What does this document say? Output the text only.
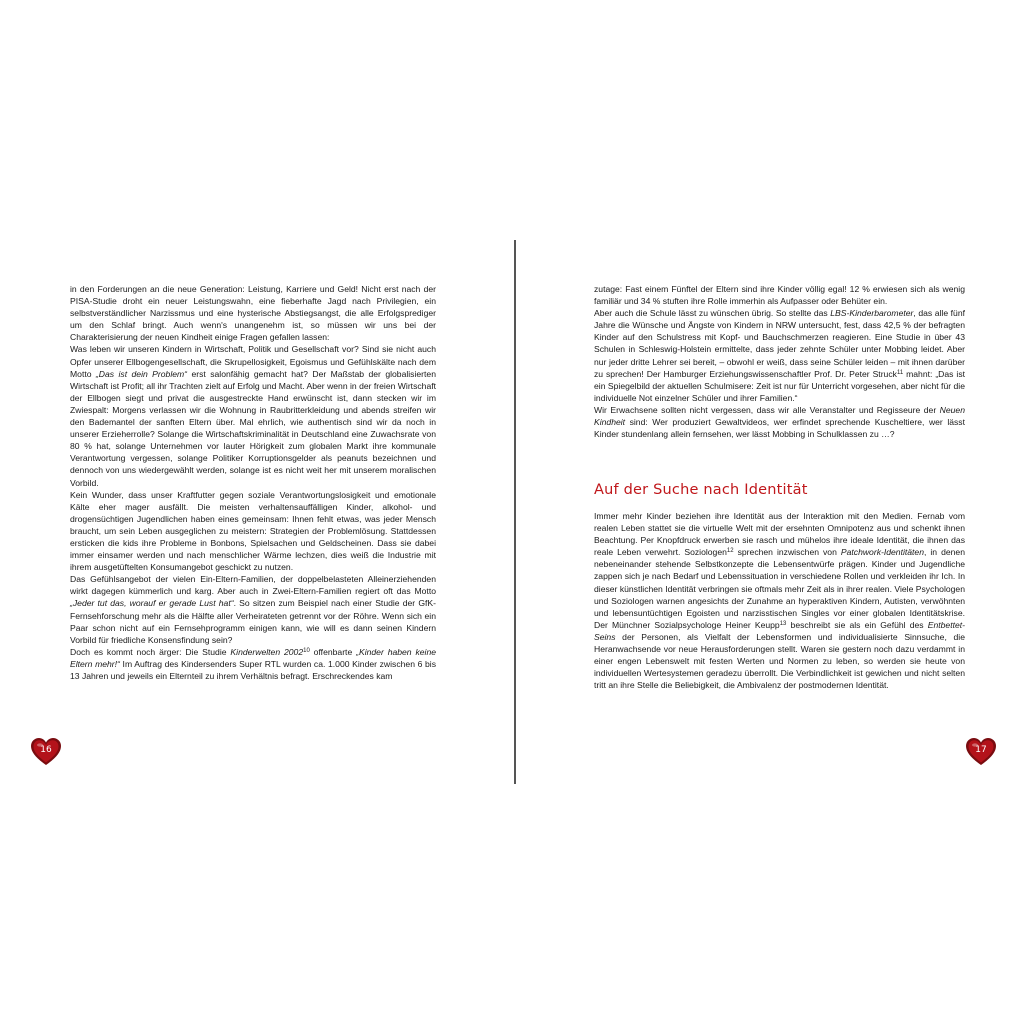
in den Forderungen an die neue Generation: Leistung, Karriere und Geld! Nicht erst nach der PISA-Studie droht ein neuer Leistungswahn, eine fieberhafte Jagd nach Privilegien, ein selbstverständlicher Narzissmus und eine hysterische Abstiegsangst, die alle Erfolgsprediger um den Schlaf bringt. Auch wenn's unangenehm ist, so müssen wir uns bei der Charakterisierung der neuen Kindheit einige Fragen gefallen lassen:

Was leben wir unseren Kindern in Wirtschaft, Politik und Gesellschaft vor? Sind sie nicht auch Opfer unserer Ellbogengesellschaft, die Skrupellosigkeit, Egoismus und Gefühlskälte nach dem Motto „Das ist dein Problem“ erst salonfähig gemacht hat? Der Maßstab der globalisierten Wirtschaft ist Profit; all ihr Trachten zielt auf Erfolg und Macht. Aber wenn in der freien Wirtschaft der Ellbogen siegt und privat die ausgestreckte Hand erwünscht ist, dann stecken wir im Zwiespalt: Morgens verlassen wir die Wohnung in Raubritterkleidung und abends streifen wir den Bademantel der sanften Eltern über. Mal ehrlich, wie authentisch sind wir da noch in unserer Erzieherrolle? Solange die Wirtschaftskriminalität in Deutschland eine Zuwachsrate von 80 % hat, solange Unternehmen vor lauter Hörigkeit zum globalen Markt ihre kommunale Verantwortung vergessen, solange Politiker Korruptionsgelder als peanuts bezeichnen und dennoch von uns wiedergewählt werden, solange ist es nicht weit her mit unserem moralischen Vorbild.

Kein Wunder, dass unser Kraftfutter gegen soziale Verantwortungslosigkeit und emotionale Kälte eher mager ausfällt. Die meisten verhaltensauffälligen Kinder, alkohol- und drogensüchtigen Jugendlichen haben eines gemeinsam: Ihnen fehlt etwas, was jeder Mensch braucht, um sein Leben ausgeglichen zu meistern: Strategien der Problemlösung. Stattdessen ersticken die kids ihre Probleme in Bonbons, Spielsachen und Geldscheinen. Dass sie dabei immer einsamer werden und nach menschlicher Wärme lechzen, dies weiß die Industrie mit ihrem ausgetüftelten Konsumangebot geschickt zu nutzen.

Das Gefühlsangebot der vielen Ein-Eltern-Familien, der doppelbelasteten Alleinerziehenden wirkt dagegen kümmerlich und karg. Aber auch in Zwei-Eltern-Familien regiert oft das Motto „Jeder tut das, worauf er gerade Lust hat“. So sitzen zum Beispiel nach einer Studie der GfK-Fernsehforschung mehr als die Hälfte aller Verheirateten getrennt vor der Röhre. Wenn sich ein Paar schon nicht auf ein Fernsehprogramm einigen kann, wie will es dann seinen Kindern Vorbild für friedliche Konsensfindung sein?

Doch es kommt noch ärger: Die Studie Kinderwelten 2002$^{10}$ offenbarte „Kinder haben keine Eltern mehr!“ Im Auftrag des Kindersenders Super RTL wurden ca. 1.000 Kinder zwischen 6 bis 13 Jahren und jeweils ein Elternteil zu ihrem Verhältnis befragt. Erschreckendes kam

zutage: Fast einem Fünftel der Eltern sind ihre Kinder völlig egal! 12 % erwiesen sich als wenig familiär und 34 % stuften ihre Rolle immerhin als Aufpasser oder Behüter ein.

Aber auch die Schule lässt zu wünschen übrig. So stellte das LBS-Kinderbarometer, das alle fünf Jahre die Wünsche und Ängste von Kindern in NRW untersucht, fest, dass 42,5 % der befragten Kinder auf den Schulstress mit Kopf- und Bauchschmerzen reagieren. Eine Studie in über 43 Schulen in Schleswig-Holstein ermittelte, dass jeder zehnte Schüler unter Mobbing leidet. Aber nur jeder dritte Lehrer sei bereit, – obwohl er weiß, dass seine Schüler leiden – mit ihnen darüber zu sprechen! Der Hamburger Erziehungswissenschaftler Prof. Dr. Peter Struck$^{11}$ mahnt: „Das ist ein Spiegelbild der aktuellen Schulmisere: Zeit ist nur für Unterricht vorgesehen, aber nicht für die individuelle Not einzelner Schüler und ihrer Familien.“

Wir Erwachsene sollten nicht vergessen, dass wir alle Veranstalter und Regisseure der Neuen Kindheit sind: Wer produziert Gewaltvideos, wer erfindet sprechende Kuscheltiere, wer lässt Kinder stundenlang allein fernsehen, wer lässt Mobbing in Schulklassen zu …?

Auf der Suche nach Identität

Immer mehr Kinder beziehen ihre Identität aus der Interaktion mit den Medien. Fernab vom realen Leben stattet sie die virtuelle Welt mit der ersehnten Omnipotenz aus und schenkt ihnen Beachtung. Per Knopfdruck erwerben sie rasch und mühelos ihre ideale Identität, die ihnen das reale Leben verwehrt. Soziologen$^{12}$ sprechen inzwischen von Patchwork-Identitäten, in denen nebeneinander stehende Selbstkonzepte die Lebensentwürfe prägen. Kinder und Jugendliche zappen sich je nach Bedarf und Lebenssituation in verschiedene Rollen und verkleiden ihr Ich. In dieser künstlichen Identität verbringen sie oftmals mehr Zeit als in ihrer realen. Viele Psychologen und Soziologen warnen angesichts der Zunahme an hyperaktiven Kindern, Autisten, verwöhnten und lebensuntüchtigen Egoisten und narzisstischen Singles vor einer globalen Identitätskrise. Der Münchner Sozialpsychologe Heiner Keupp$^{13}$ beschreibt sie als ein Gefühl des Entbettet-Seins der Personen, als Vielfalt der Lebensformen und individualisierte Sinnsuche, die Heranwachsende vor neue Herausforderungen stellt. Waren sie gestern noch dazu verdammt in einer engen Lebenswelt mit festen Werten und Normen zu leben, so werden sie heute von individuellen Wertesystemen geradezu überrollt. Die Verbindlichkeit ist gewichen und nicht selten tritt an ihre Stelle die Beliebigkeit, die Ambivalenz der postmodernen Identität.

16	17
